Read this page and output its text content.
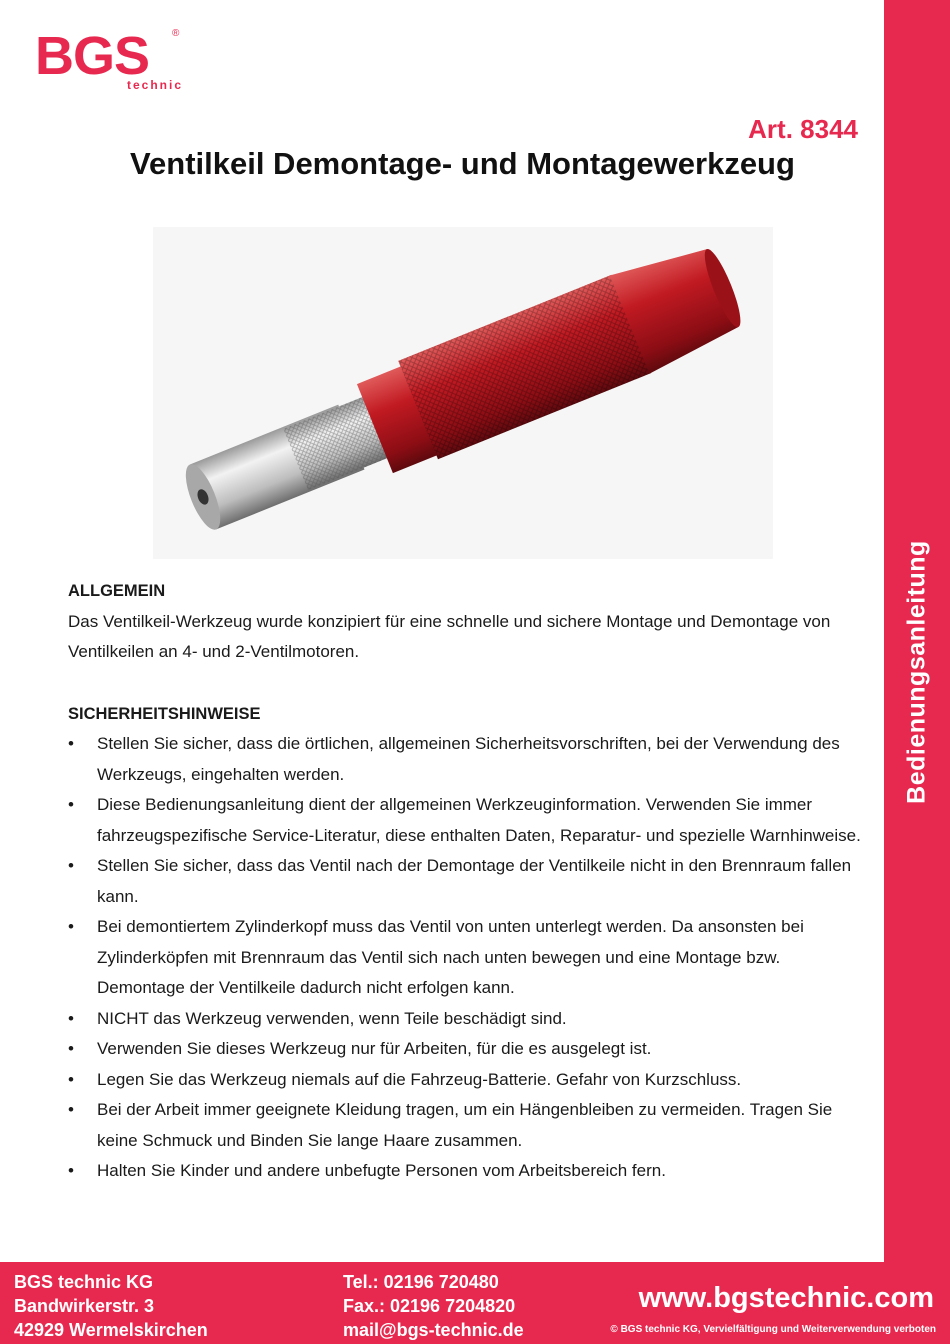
Bedienungsanleitung
BGS ®
technic
Art. 8344
Ventilkeil Demontage- und Montagewerkzeug
ALLGEMEIN

Das Ventilkeil-Werkzeug wurde konzipiert für eine schnelle und sichere Montage und Demontage von Ventilkeilen an 4- und 2-Ventilmotoren.

SICHERHEITSHINWEISE
• Stellen Sie sicher, dass die örtlichen, allgemeinen Sicherheitsvorschriften, bei der Verwendung des Werkzeugs, eingehalten werden.
• Diese Bedienungsanleitung dient der allgemeinen Werkzeuginformation. Verwenden Sie immer fahrzeugspezifische Service-Literatur, diese enthalten Daten, Reparatur- und spezielle Warnhinweise.
• Stellen Sie sicher, dass das Ventil nach der Demontage der Ventilkeile nicht in den Brennraum fallen kann.
• Bei demontiertem Zylinderkopf muss das Ventil von unten unterlegt werden. Da ansonsten bei Zylinderköpfen mit Brennraum das Ventil sich nach unten bewegen und eine Montage bzw. Demontage der Ventilkeile dadurch nicht erfolgen kann.
• NICHT das Werkzeug verwenden, wenn Teile beschädigt sind.
• Verwenden Sie dieses Werkzeug nur für Arbeiten, für die es ausgelegt ist.
• Legen Sie das Werkzeug niemals auf die Fahrzeug-Batterie. Gefahr von Kurzschluss.
• Bei der Arbeit immer geeignete Kleidung tragen, um ein Hängenbleiben zu vermeiden. Tragen Sie keine Schmuck und Binden Sie lange Haare zusammen.
• Halten Sie Kinder und andere unbefugte Personen vom Arbeitsbereich fern.
BGS technic KG
Bandwirkerstr. 3
42929 Wermelskirchen
Tel.: 02196 720480
Fax.: 02196 7204820
mail@bgs-technic.de
www.bgstechnic.com
© BGS technic KG, Vervielfältigung und Weiterverwendung verboten
